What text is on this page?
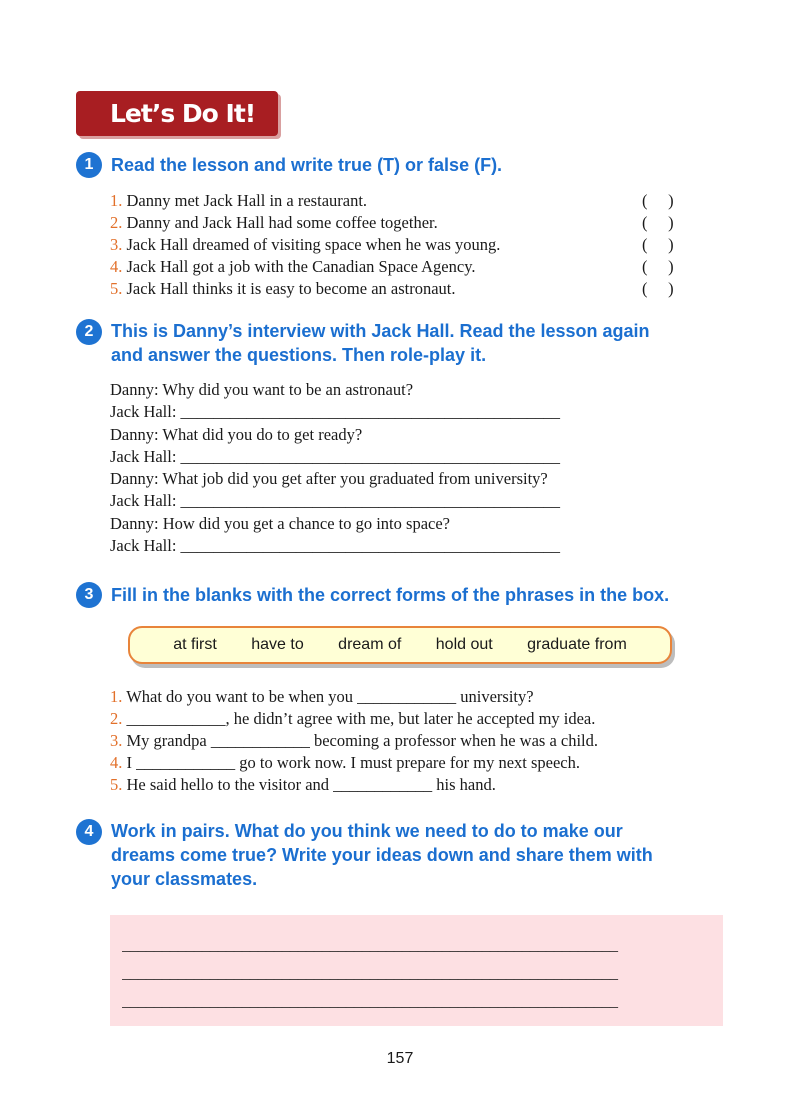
Let’s Do It!
1 Read the lesson and write true (T) or false (F).
1. Danny met Jack Hall in a restaurant.	(     )
2. Danny and Jack Hall had some coffee together.	(     )
3. Jack Hall dreamed of visiting space when he was young.	(     )
4. Jack Hall got a job with the Canadian Space Agency.	(     )
5. Jack Hall thinks it is easy to become an astronaut.	(     )
2 This is Danny’s interview with Jack Hall. Read the lesson again
and answer the questions. Then role-play it.
Danny: Why did you want to be an astronaut?
Jack Hall: ______________________________________________
Danny: What did you do to get ready?
Jack Hall: ______________________________________________
Danny: What job did you get after you graduated from university?
Jack Hall: ______________________________________________
Danny: How did you get a chance to go into space?
Jack Hall: ______________________________________________
3 Fill in the blanks with the correct forms of the phrases in the box.
at first have to dream of hold out graduate from
1. What do you want to be when you ____________ university?
2. ____________, he didn’t agree with me, but later he accepted my idea.
3. My grandpa ____________ becoming a professor when he was a child.
4. I ____________ go to work now. I must prepare for my next speech.
5. He said hello to the visitor and ____________ his hand.
4 Work in pairs. What do you think we need to do to make our
dreams come true? Write your ideas down and share them with
your classmates.
______________________________________________________________
______________________________________________________________
______________________________________________________________
157
